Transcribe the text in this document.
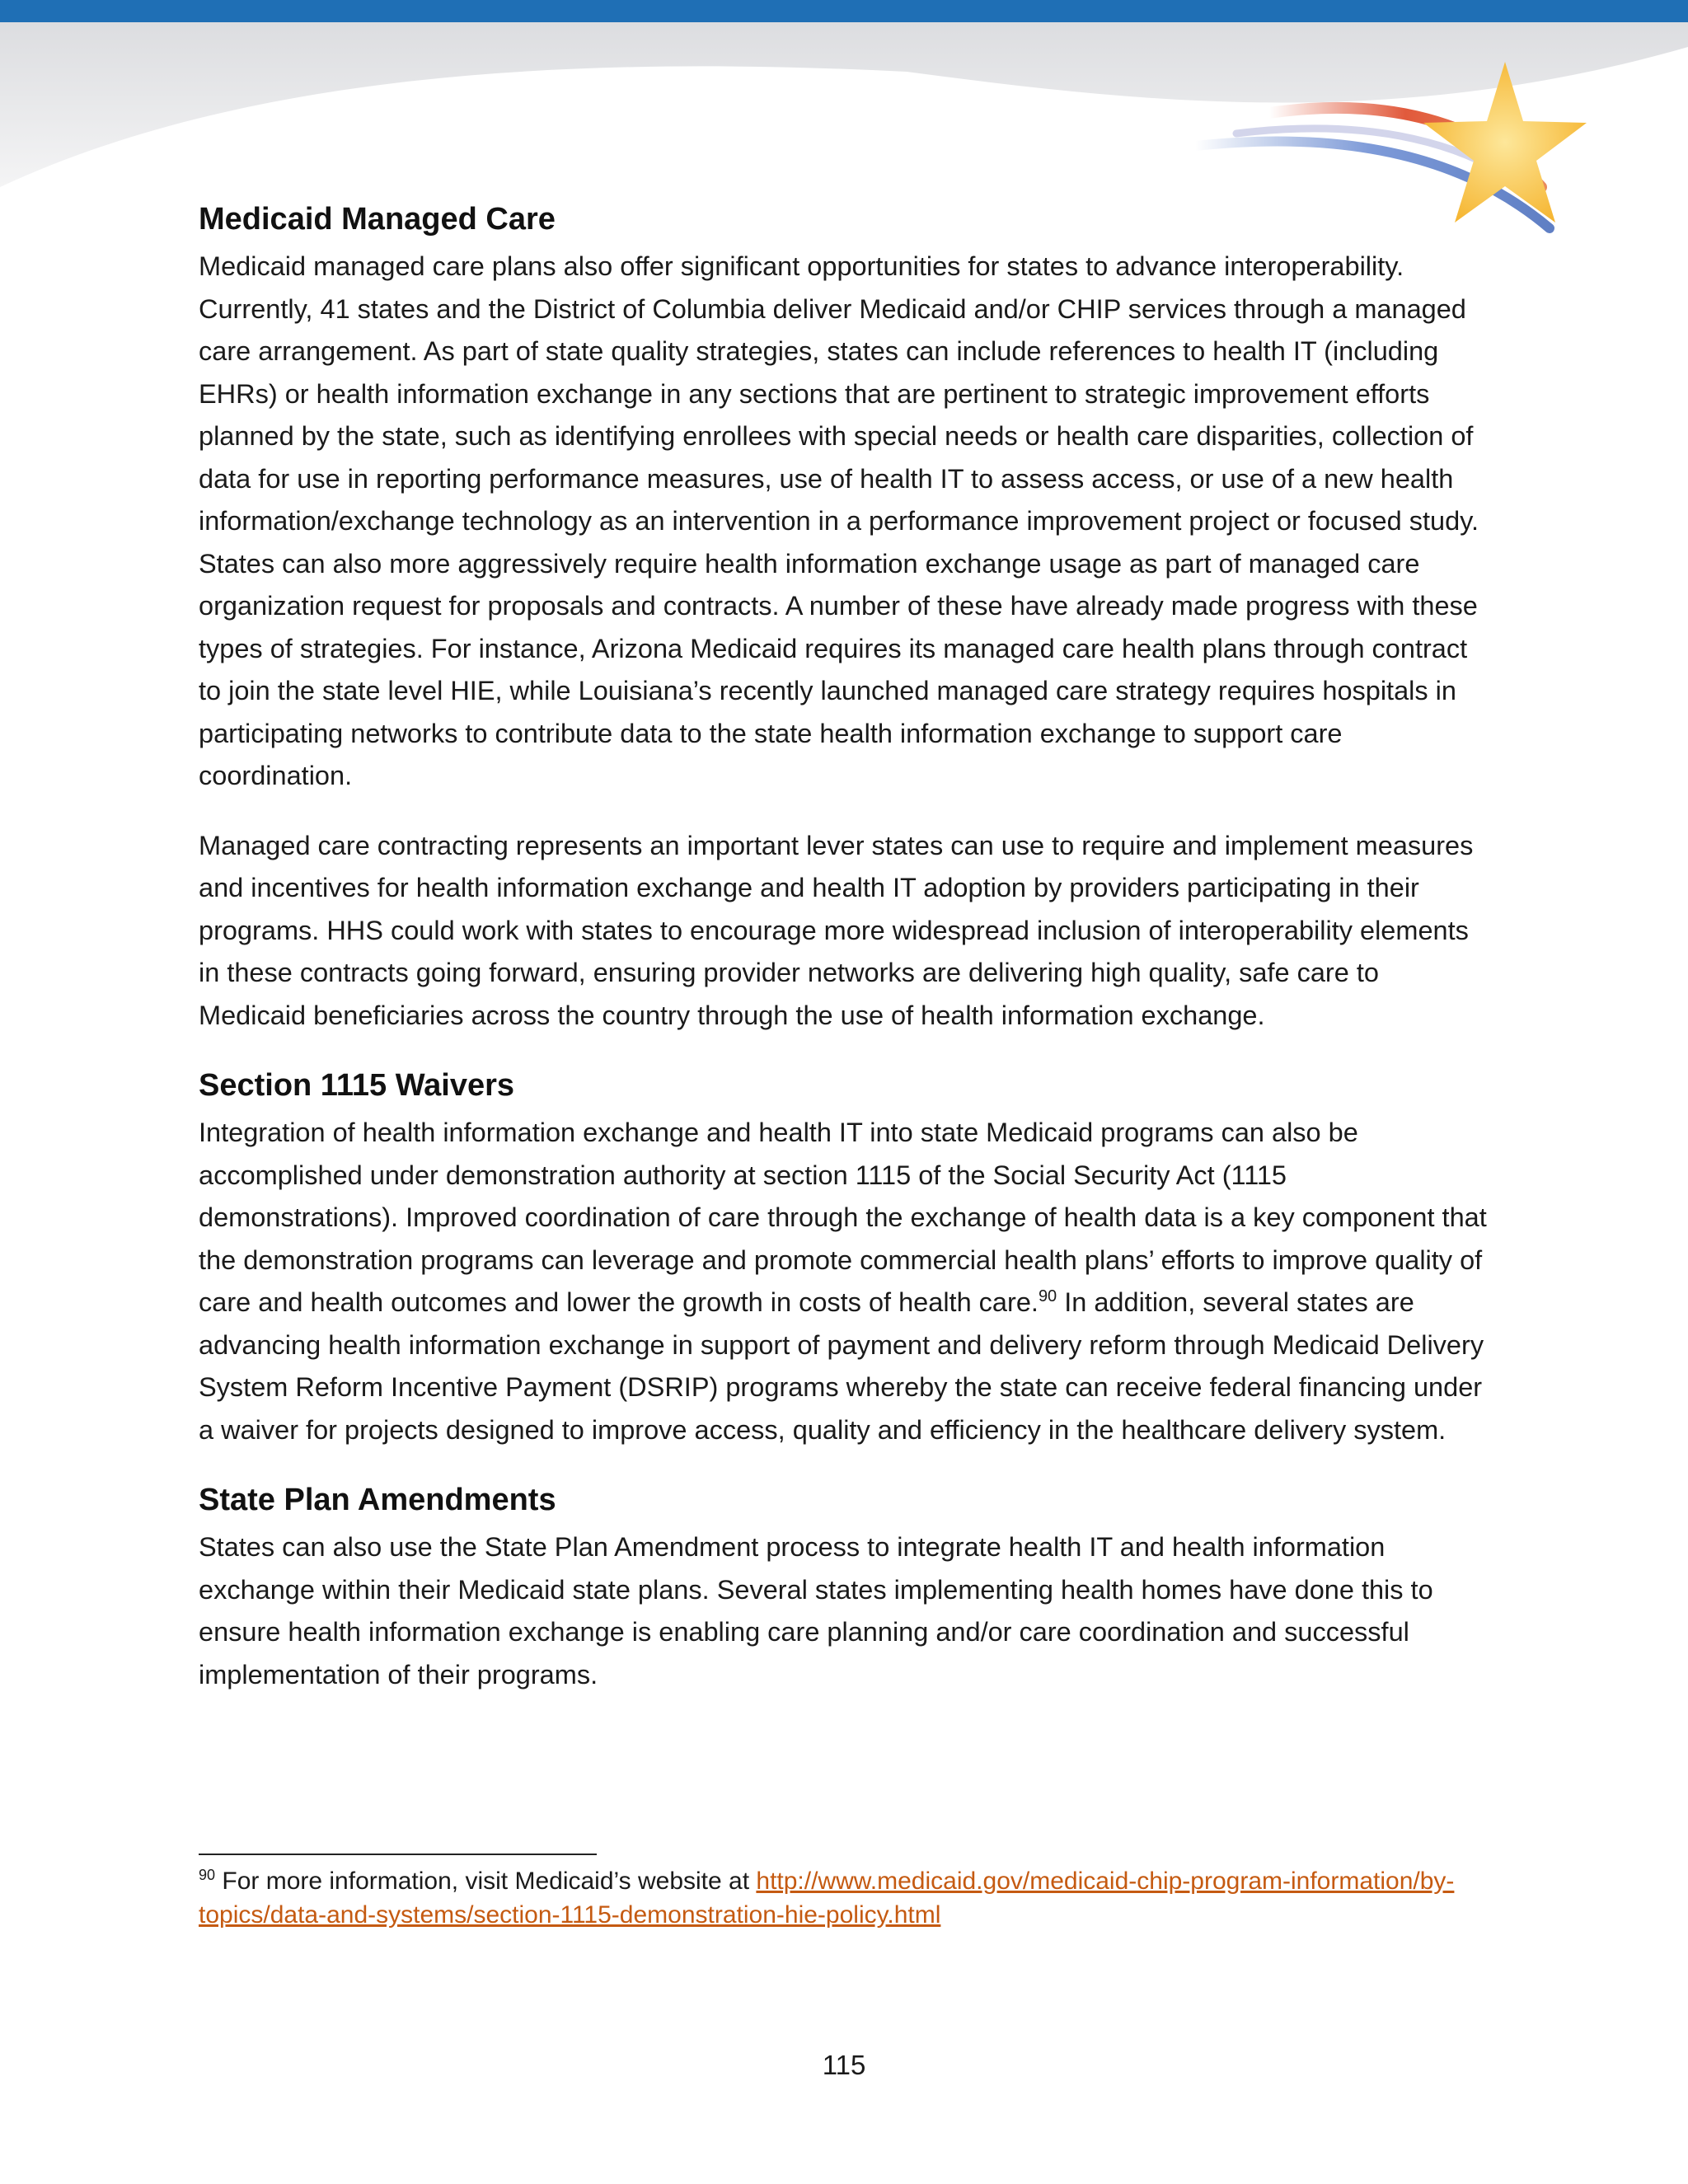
Medicaid Managed Care

Medicaid managed care plans also offer significant opportunities for states to advance interoperability. Currently, 41 states and the District of Columbia deliver Medicaid and/or CHIP services through a managed care arrangement. As part of state quality strategies, states can include references to health IT (including EHRs) or health information exchange in any sections that are pertinent to strategic improvement efforts planned by the state, such as identifying enrollees with special needs or health care disparities, collection of data for use in reporting performance measures, use of health IT to assess access, or use of a new health information/exchange technology as an intervention in a performance improvement project or focused study. States can also more aggressively require health information exchange usage as part of managed care organization request for proposals and contracts. A number of these have already made progress with these types of strategies. For instance, Arizona Medicaid requires its managed care health plans through contract to join the state level HIE, while Louisiana’s recently launched managed care strategy requires hospitals in participating networks to contribute data to the state health information exchange to support care coordination.

Managed care contracting represents an important lever states can use to require and implement measures and incentives for health information exchange and health IT adoption by providers participating in their programs. HHS could work with states to encourage more widespread inclusion of interoperability elements in these contracts going forward, ensuring provider networks are delivering high quality, safe care to Medicaid beneficiaries across the country through the use of health information exchange.

Section 1115 Waivers

Integration of health information exchange and health IT into state Medicaid programs can also be accomplished under demonstration authority at section 1115 of the Social Security Act (1115 demonstrations). Improved coordination of care through the exchange of health data is a key component that the demonstration programs can leverage and promote commercial health plans’ efforts to improve quality of care and health outcomes and lower the growth in costs of health care.$^{90}$ In addition, several states are advancing health information exchange in support of payment and delivery reform through Medicaid Delivery System Reform Incentive Payment (DSRIP) programs whereby the state can receive federal financing under a waiver for projects designed to improve access, quality and efficiency in the healthcare delivery system.

State Plan Amendments

States can also use the State Plan Amendment process to integrate health IT and health information exchange within their Medicaid state plans. Several states implementing health homes have done this to ensure health information exchange is enabling care planning and/or care coordination and successful implementation of their programs.

$^{90}$ For more information, visit Medicaid’s website at http://www.medicaid.gov/medicaid-chip-program-information/by-topics/data-and-systems/section-1115-demonstration-hie-policy.html
115
